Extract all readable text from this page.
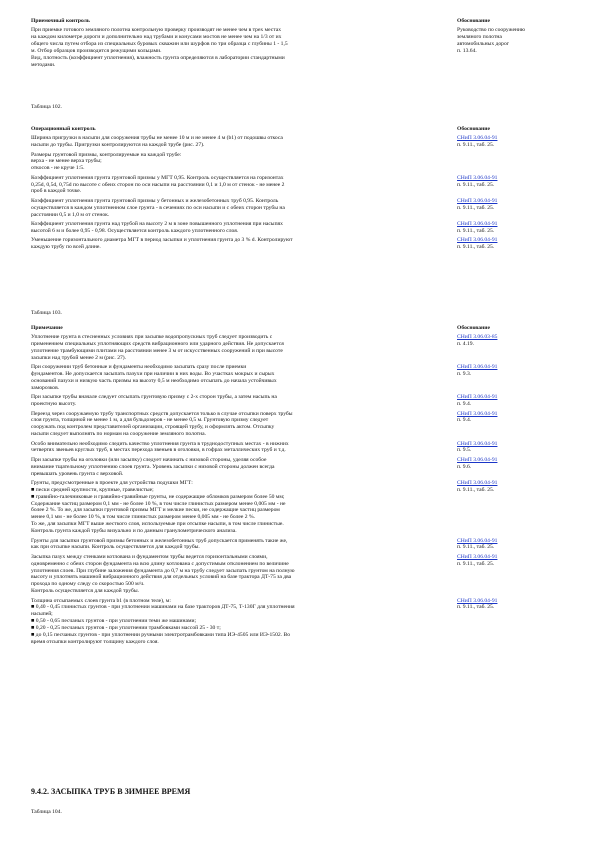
Приемочный контроль
При приемке готового земляного полотна контрольную проверку производят не менее чем в трех местах
на каждом километре дороги и дополнительно над трубами и конусами мостов не менее чем на 1/3 от их
общего числа путем отбора из специальных буровых скважин или шурфов по три образца с глубины 1 - 1,5
м. Отбор образцов производится режущими кольцами.
Вид, плотность (коэффициент уплотнения), влажность грунта определяются в лаборатории стандартными
методами.
Обоснование
Руководство по сооружению
земляного полотна
автомобильных дорог
п. 13.64.
Таблица 102.
Операционный контроль	Обоснование
Ширина пригрузки в насыпи для сооружения трубы не менее 10 м и не менее 4 м (b1) от подошвы откоса
насыпи до трубы. Пригрузки контролируются на каждой трубе (рис. 27).
СНиП 3.06.04-91
п. 9.11., таб. 25.
Размеры грунтовой призмы, контролируемые на каждой трубе:
верха - не менее верха трубы;
откосов - не круче 1:5.
Коэффициент уплотнения грунта грунтовой призмы у МГТ 0,95. Контроль осуществляется на горизонтах
0,25d, 0,5d, 0,75d по высоте с обеих сторон по оси насыпи на расстоянии 0,1 и 1,0 м от стенок - не менее 2
проб в каждой точке.
СНиП 3.06.04-91
п. 9.11., таб. 25.
Коэффициент уплотнения грунта грунтовой призмы у бетонных и железобетонных труб 0,95. Контроль
осуществляется в каждом уплотненном слое грунта - в сечениях по оси насыпи и с обеих сторон трубы на
расстоянии 0,5 и 1,0 м от стенок.
СНиП 3.06.04-91
п. 9.11., таб. 25.
Коэффициент уплотнения грунта над трубой на высоту 2 м в зоне повышенного уплотнения при насыпях
высотой 6 м и более 0,95 - 0,98. Осуществляется контроль каждого уплотненного слоя.
СНиП 3.06.04-91
п. 9.11., таб. 25.
Уменьшение горизонтального диаметра МГТ в период засыпки и уплотнения грунта до 3 % d. Контролируют
каждую трубу по всей длине.
СНиП 3.06.04-91
п. 9.11., таб. 25.
Таблица 103.
Примечание	Обоснование
Уплотнение грунта в стесненных условиях при засыпке водопропускных труб следует производить с
применением специальных уплотняющих средств вибрационного или ударного действия. Не допускается
уплотнение трамбующими плитами на расстоянии менее 3 м от искусственных сооружений и при высоте
засыпки над трубой менее 2 м (рис. 27).
СНиП 3.06.03-85
п. 4.19.
При сооружении труб бетонные и фундаменты необходимо засыпать сразу после приемки
фундаментов. Не допускается засыпать пазухи при наличии в них воды. Во участках мокрых и сырых
оснований пазухи и низкую часть призмы на высоту 0,5 м необходимо отсыпать до начала устойчивых
заморозков.
СНиП 3.06.04-91
п. 9.3.
При засыпке трубы вначале следует отсыпать грунтовую призму с 2-х сторон трубы, а затем насыпь на
проектную высоту.
СНиП 3.06.04-91
п. 9.4.
Переезд через сооружаемую трубу транспортных средств допускается только в случае отсыпки поверх трубы
слоя грунта, толщиной не менее 1 м, а для бульдозеров - не менее 0,5 м. Грунтовую призму следует
сооружать под контролем представителей организации, строящей трубу, и оформлять актом. Отсыпку
насыпи следует выполнять по нормам на сооружение земляного полотна.
СНиП 3.06.04-91
п. 9.4.
Особо внимательно необходимо следить качество уплотнения грунта в труднодоступных местах - в нижних
четвертях звеньев круглых труб, в местах перехода звеньев в оголовки, в гофрах металлических труб и т.д.
СНиП 3.06.04-91
п. 9.5.
При засыпке трубы на оголовки (или засыпку) следует начинать с низовой стороны, уделяя особое
внимание тщательному уплотнению слоев грунта. Уровень засыпки с низовой стороны должен всегда
превышать уровень грунта с верховой.
СНиП 3.06.04-91
п. 9.6.
Грунты, предусмотренные в проекте для устройства подушки МГТ:
■ пески средней крупности, крупные, гравелистые;
■ гравийно-галечниковые и гравийно-гравийные грунты, не содержащие обломков размером более 50 мм;
Содержание частиц размером 0,1 мм - не более 10 %, в том числе глинистых размером менее 0,005 мм - не
более 2 %. То же, для засыпки грунтовой призмы МГТ и мелкие пески, не содержащие частиц размером
менее 0,1 мм - не более 10 %, в том числе глинистых размером менее 0,005 мм - не более 2 %.
То же, для засыпки МГТ выше жесткого слоя, используемые при отсыпке насыпи, в том числе глинистые.
Контроль грунта каждой трубы визуально и по данным гранулометрического анализа.
СНиП 3.06.04-91
п. 9.11., таб. 25.
Грунты для засыпки грунтовой призмы бетонных и железобетонных труб допускается применять такие же,
как при отсыпке насыпи. Контроль осуществляется для каждой трубы.
СНиП 3.06.04-91
п. 9.11., таб. 25.
Засыпка пазух между стенками котлована и фундаментом трубы ведется горизонтальными слоями,
одновременно с обеих сторон фундамента на всю длину котлована с допустимым отклонением по величине
уплотнения слоев. При глубине заложения фундамента до 0,7 м на трубу следует засыпать грунтом на полную
высоту и уплотнять машиной вибрационного действия для отдельных условий на базе трактора ДТ-75 за два
прохода по одному следу со скоростью 500 м/ч.
Контроль осуществляется для каждой трубы.
СНиП 3.06.04-91
п. 9.11., таб. 25.
Толщина отсыпаемых слоев грунта b1 (в плотном теле), м:
■ 0,40 - 0,45 глинистых грунтов - при уплотнении машинами на базе тракторов ДТ-75, Т-130Г для уплотнения
насыпей;
■ 0,50 - 0,65 песчаных грунтов - при уплотнении теми же машинами;
■ 0,20 - 0,25 песчаных грунтов - при уплотнении трамбовками массой 25 - 30 т;
■ до 0,15 песчаных грунтов - при уплотнении ручными электротрамбовками типа ИЭ-4505 или ИЭ-1502. Во
время отсыпки контролируют толщину каждого слоя.
СНиП 3.06.04-91
п. 9.11., таб. 25.
9.4.2. ЗАСЫПКА ТРУБ В ЗИМНЕЕ ВРЕМЯ
Таблица 104.
